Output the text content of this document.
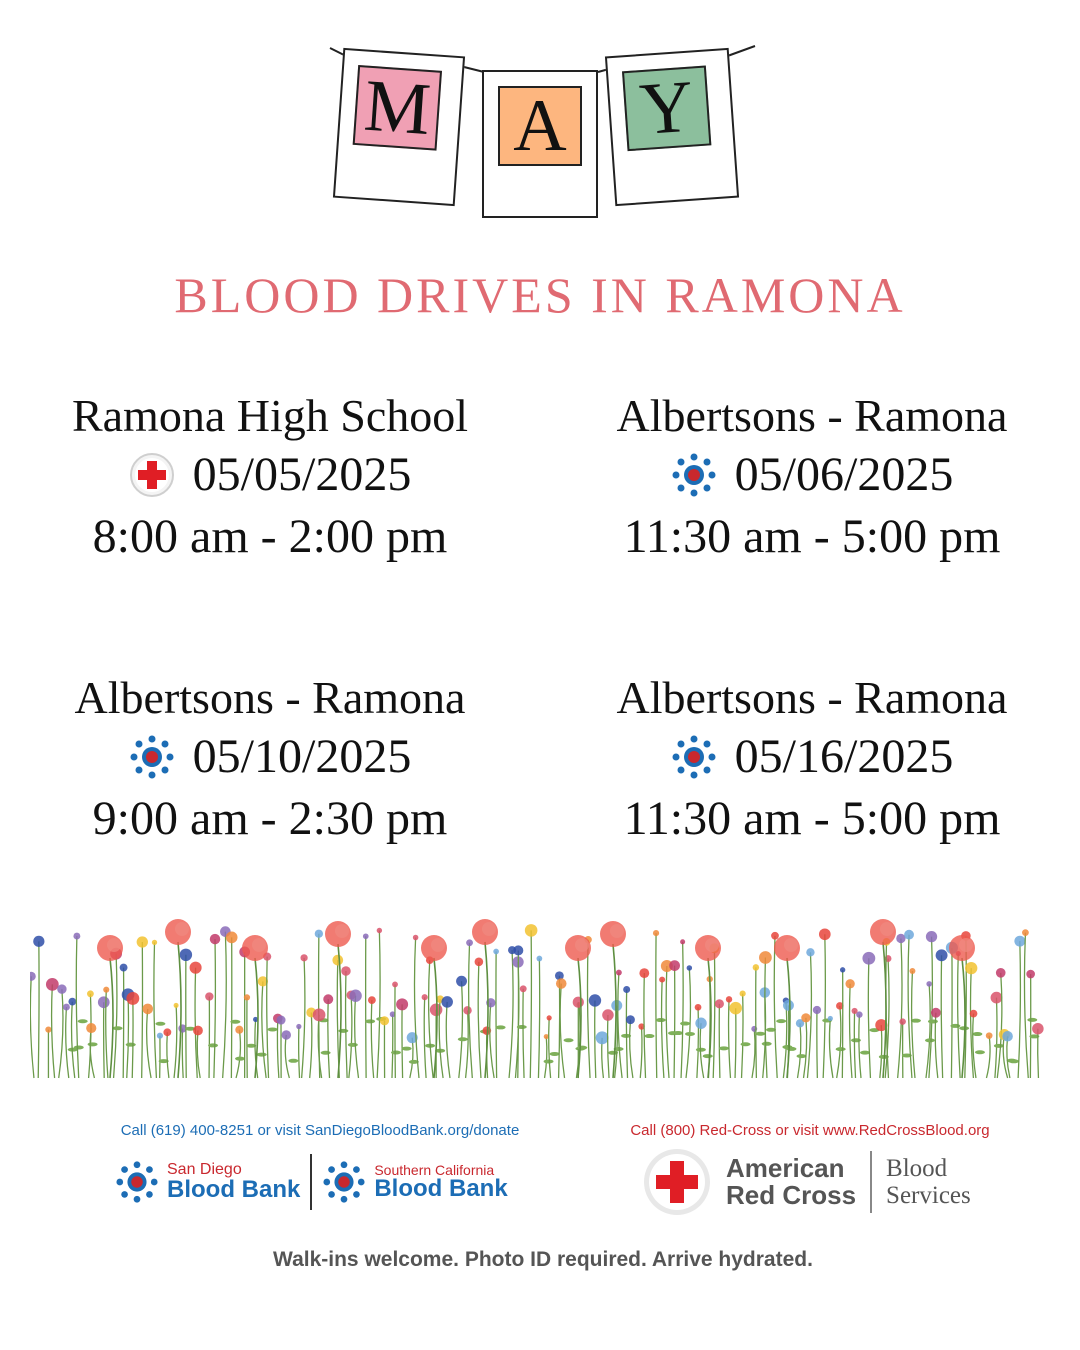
M A Y
BLOOD DRIVES IN RAMONA
Ramona High School
05/05/2025
8:00 am - 2:00 pm
Albertsons - Ramona
05/06/2025
11:30 am - 5:00 pm
Albertsons - Ramona
05/10/2025
9:00 am - 2:30 pm
Albertsons - Ramona
05/16/2025
11:30 am - 5:00 pm
Call (619) 400-8251 or visit SanDiegoBloodBank.org/donate	Call (800) Red-Cross or visit www.RedCrossBlood.org
San Diego
Blood Bank
Southern California
Blood Bank
American
Red Cross
Blood
Services
Walk-ins welcome. Photo ID required. Arrive hydrated.
